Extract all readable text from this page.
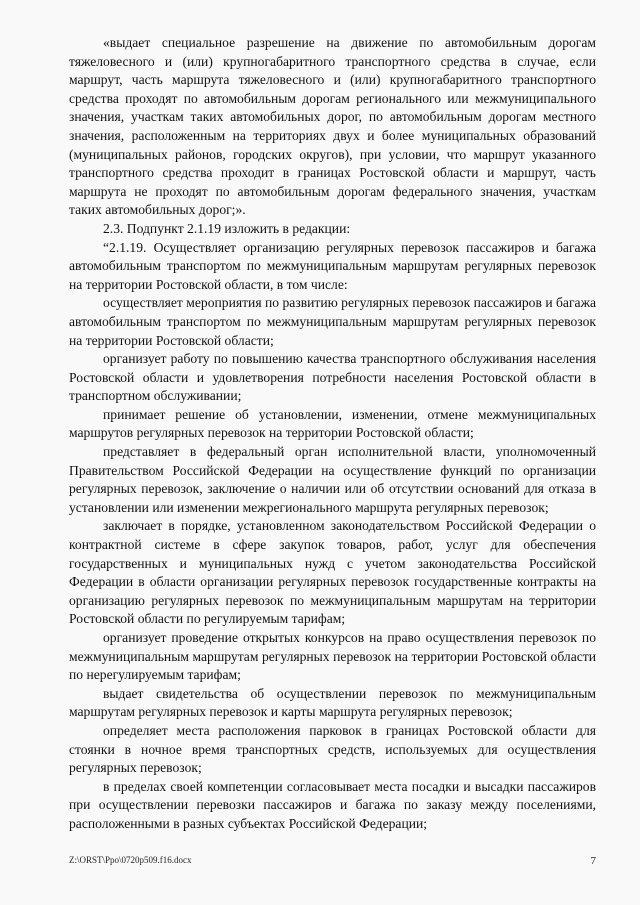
«выдает специальное разрешение на движение по автомобильным дорогам тяжеловесного и (или) крупногабаритного транспортного средства в случае, если маршрут, часть маршрута тяжеловесного и (или) крупногабаритного транспортного средства проходят по автомобильным дорогам регионального или межмуниципального значения, участкам таких автомобильных дорог, по автомобильным дорогам местного значения, расположенным на территориях двух и более муниципальных образований (муниципальных районов, городских округов), при условии, что маршрут указанного транспортного средства проходит в границах Ростовской области и маршрут, часть маршрута не проходят по автомобильным дорогам федерального значения, участкам таких автомобильных дорог;».

2.3. Подпункт 2.1.19 изложить в редакции:

“2.1.19. Осуществляет организацию регулярных перевозок пассажиров и багажа автомобильным транспортом по межмуниципальным маршрутам регулярных перевозок на территории Ростовской области, в том числе:

осуществляет мероприятия по развитию регулярных перевозок пассажиров и багажа автомобильным транспортом по межмуниципальным маршрутам регулярных перевозок на территории Ростовской области;

организует работу по повышению качества транспортного обслуживания населения Ростовской области и удовлетворения потребности населения Ростовской области в транспортном обслуживании;

принимает решение об установлении, изменении, отмене межмуниципальных маршрутов регулярных перевозок на территории Ростовской области;

представляет в федеральный орган исполнительной власти, уполномоченный Правительством Российской Федерации на осуществление функций по организации регулярных перевозок, заключение о наличии или об отсутствии оснований для отказа в установлении или изменении межрегионального маршрута регулярных перевозок;

заключает в порядке, установленном законодательством Российской Федерации о контрактной системе в сфере закупок товаров, работ, услуг для обеспечения государственных и муниципальных нужд с учетом законодательства Российской Федерации в области организации регулярных перевозок государственные контракты на организацию регулярных перевозок по межмуниципальным маршрутам на территории Ростовской области по регулируемым тарифам;

организует проведение открытых конкурсов на право осуществления перевозок по межмуниципальным маршрутам регулярных перевозок на территории Ростовской области по нерегулируемым тарифам;

выдает свидетельства об осуществлении перевозок по межмуниципальным маршрутам регулярных перевозок и карты маршрута регулярных перевозок;

определяет места расположения парковок в границах Ростовской области для стоянки в ночное время транспортных средств, используемых для осуществления регулярных перевозок;

в пределах своей компетенции согласовывает места посадки и высадки пассажиров при осуществлении перевозки пассажиров и багажа по заказу между поселениями, расположенными в разных субъектах Российской Федерации;

Z:\ORST\Ppo\0720p509.f16.docx	7
